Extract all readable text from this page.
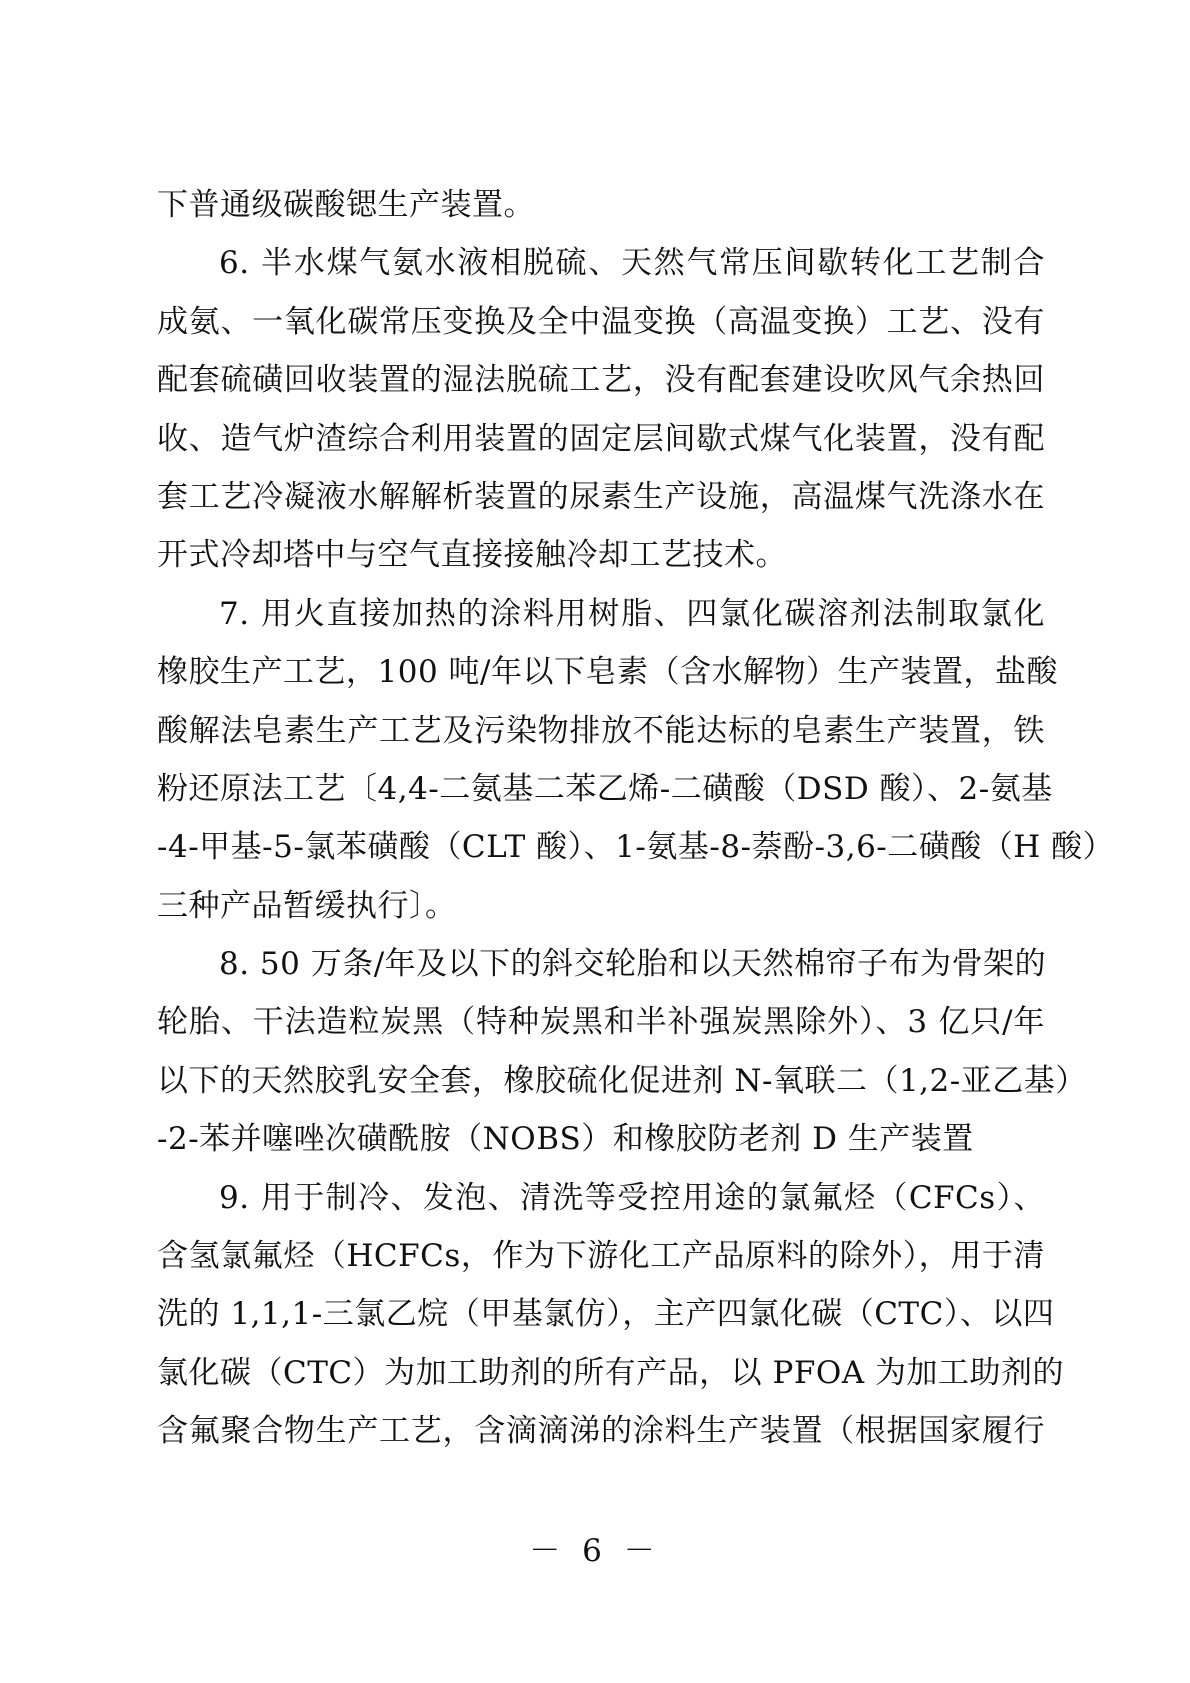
下普通级碳酸锶生产装置。
6. 半水煤气氨水液相脱硫、天然气常压间歇转化工艺制合
成氨、一氧化碳常压变换及全中温变换（高温变换）工艺、没有
配套硫磺回收装置的湿法脱硫工艺，没有配套建设吹风气余热回
收、造气炉渣综合利用装置的固定层间歇式煤气化装置，没有配
套工艺冷凝液水解解析装置的尿素生产设施，高温煤气洗涤水在
开式冷却塔中与空气直接接触冷却工艺技术。
7. 用火直接加热的涂料用树脂、四氯化碳溶剂法制取氯化
橡胶生产工艺，100 吨/年以下皂素（含水解物）生产装置，盐酸
酸解法皂素生产工艺及污染物排放不能达标的皂素生产装置，铁
粉还原法工艺〔4,4-二氨基二苯乙烯-二磺酸（DSD 酸）、2-氨基
-4-甲基-5-氯苯磺酸（CLT 酸）、1-氨基-8-萘酚-3,6-二磺酸（H 酸）
三种产品暂缓执行〕。
8. 50 万条/年及以下的斜交轮胎和以天然棉帘子布为骨架的
轮胎、干法造粒炭黑（特种炭黑和半补强炭黑除外）、3 亿只/年
以下的天然胶乳安全套，橡胶硫化促进剂 N-氧联二（1,2-亚乙基）
-2-苯并噻唑次磺酰胺（NOBS）和橡胶防老剂 D 生产装置
9. 用于制冷、发泡、清洗等受控用途的氯氟烃（CFCs）、
含氢氯氟烃（HCFCs，作为下游化工产品原料的除外），用于清
洗的 1,1,1-三氯乙烷（甲基氯仿），主产四氯化碳（CTC）、以四
氯化碳（CTC）为加工助剂的所有产品，以 PFOA 为加工助剂的
含氟聚合物生产工艺，含滴滴涕的涂料生产装置（根据国家履行
－ 6 －
